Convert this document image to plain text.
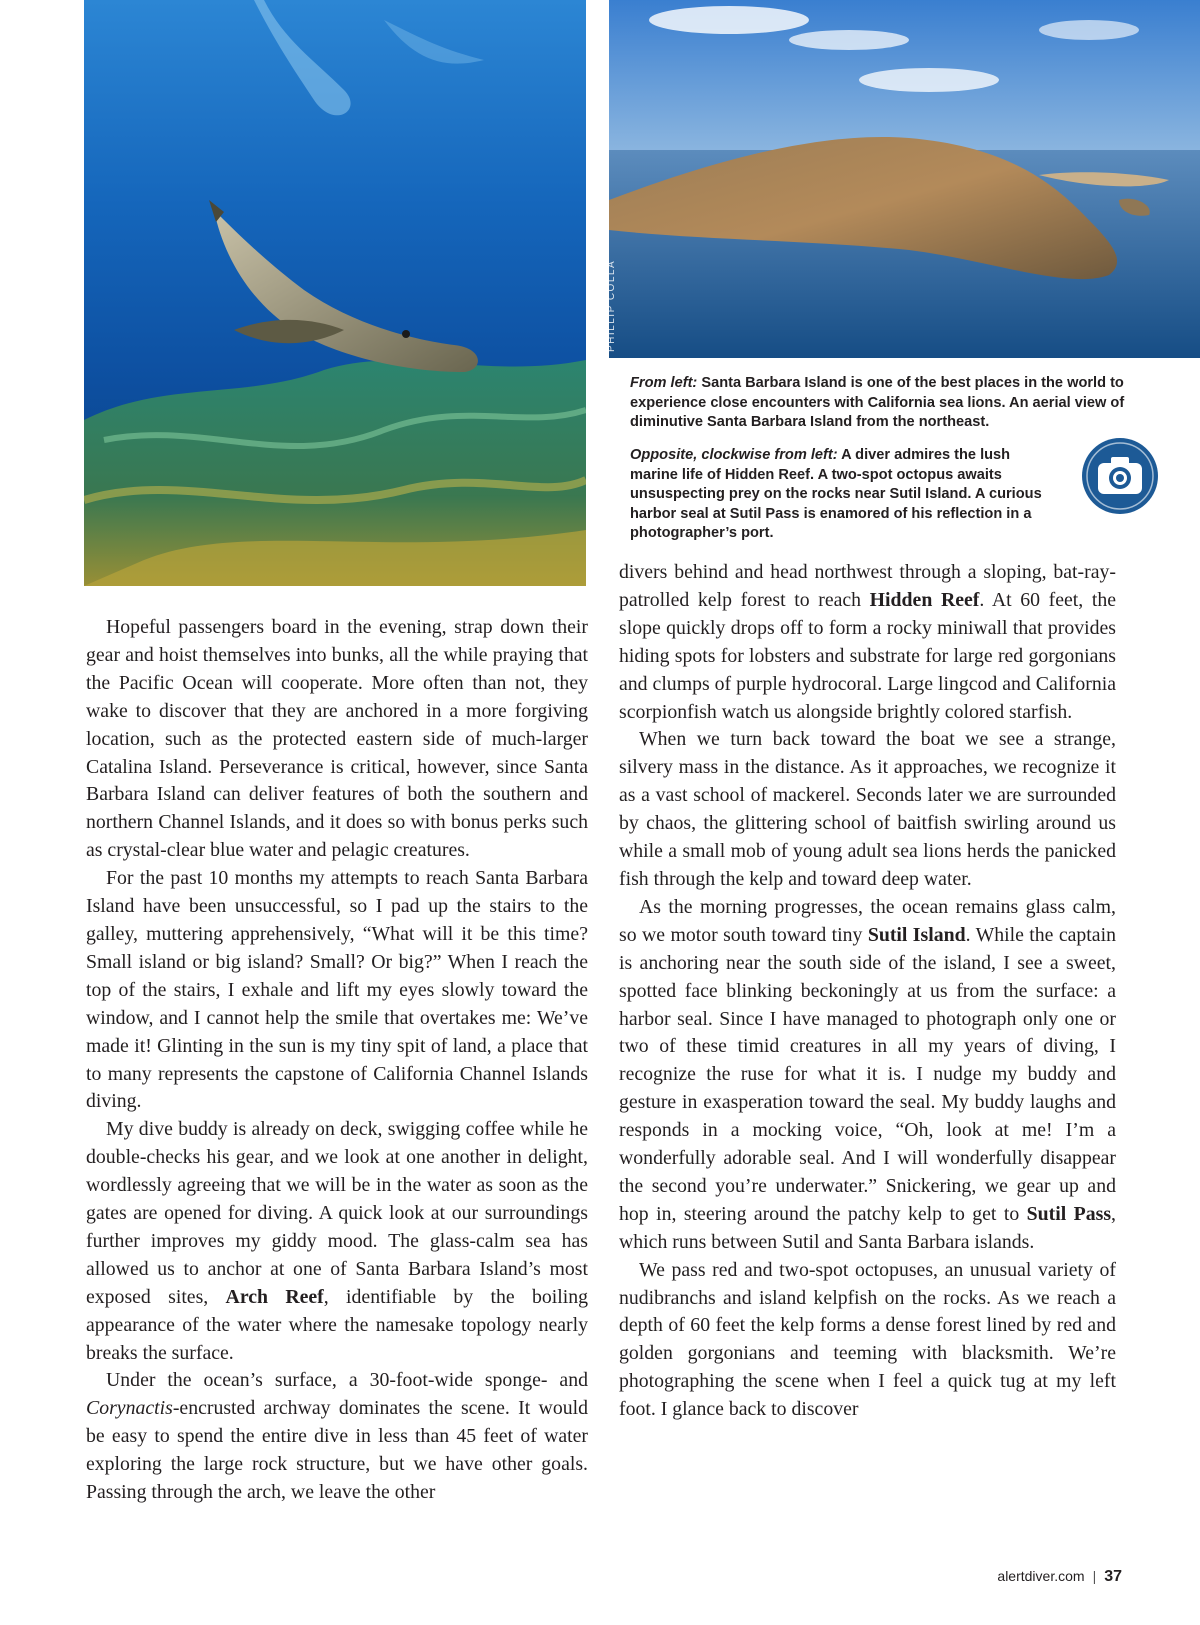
PHILLIP COLLA
From left: Santa Barbara Island is one of the best places in the world to experience close encounters with California sea lions. An aerial view of diminutive Santa Barbara Island from the northeast.
Opposite, clockwise from left: A diver admires the lush marine life of Hidden Reef. A two-spot octopus awaits unsuspecting prey on the rocks near Sutil Island. A curious harbor seal at Sutil Pass is enamored of his reflection in a photographer’s port.

Hopeful passengers board in the evening, strap down their gear and hoist themselves into bunks, all the while praying that the Pacific Ocean will cooperate. More often than not, they wake to discover that they are anchored in a more forgiving location, such as the protected eastern side of much-larger Catalina Island. Perseverance is critical, however, since Santa Barbara Island can deliver features of both the southern and northern Channel Islands, and it does so with bonus perks such as crystal-clear blue water and pelagic creatures.

For the past 10 months my attempts to reach Santa Barbara Island have been unsuccessful, so I pad up the stairs to the galley, muttering apprehensively, “What will it be this time? Small island or big island? Small? Or big?” When I reach the top of the stairs, I exhale and lift my eyes slowly toward the window, and I cannot help the smile that overtakes me: We’ve made it! Glinting in the sun is my tiny spit of land, a place that to many represents the capstone of California Channel Islands diving.

My dive buddy is already on deck, swigging coffee while he double-checks his gear, and we look at one another in delight, wordlessly agreeing that we will be in the water as soon as the gates are opened for diving. A quick look at our surroundings further improves my giddy mood. The glass-calm sea has allowed us to anchor at one of Santa Barbara Island’s most exposed sites, Arch Reef, identifiable by the boiling appearance of the water where the namesake topology nearly breaks the surface.

Under the ocean’s surface, a 30-foot-wide sponge- and Corynactis-encrusted archway dominates the scene. It would be easy to spend the entire dive in less than 45 feet of water exploring the large rock structure, but we have other goals. Passing through the arch, we leave the other

divers behind and head northwest through a sloping, bat-ray-patrolled kelp forest to reach Hidden Reef. At 60 feet, the slope quickly drops off to form a rocky miniwall that provides hiding spots for lobsters and substrate for large red gorgonians and clumps of purple hydrocoral. Large lingcod and California scorpionfish watch us alongside brightly colored starfish.

When we turn back toward the boat we see a strange, silvery mass in the distance. As it approaches, we recognize it as a vast school of mackerel. Seconds later we are surrounded by chaos, the glittering school of baitfish swirling around us while a small mob of young adult sea lions herds the panicked fish through the kelp and toward deep water.

As the morning progresses, the ocean remains glass calm, so we motor south toward tiny Sutil Island. While the captain is anchoring near the south side of the island, I see a sweet, spotted face blinking beckoningly at us from the surface: a harbor seal. Since I have managed to photograph only one or two of these timid creatures in all my years of diving, I recognize the ruse for what it is. I nudge my buddy and gesture in exasperation toward the seal. My buddy laughs and responds in a mocking voice, “Oh, look at me! I’m a wonderfully adorable seal. And I will wonderfully disappear the second you’re underwater.” Snickering, we gear up and hop in, steering around the patchy kelp to get to Sutil Pass, which runs between Sutil and Santa Barbara islands.

We pass red and two-spot octopuses, an unusual variety of nudibranchs and island kelpfish on the rocks. As we reach a depth of 60 feet the kelp forms a dense forest lined by red and golden gorgonians and teeming with blacksmith. We’re photographing the scene when I feel a quick tug at my left foot. I glance back to discover

alertdiver.com | 37
